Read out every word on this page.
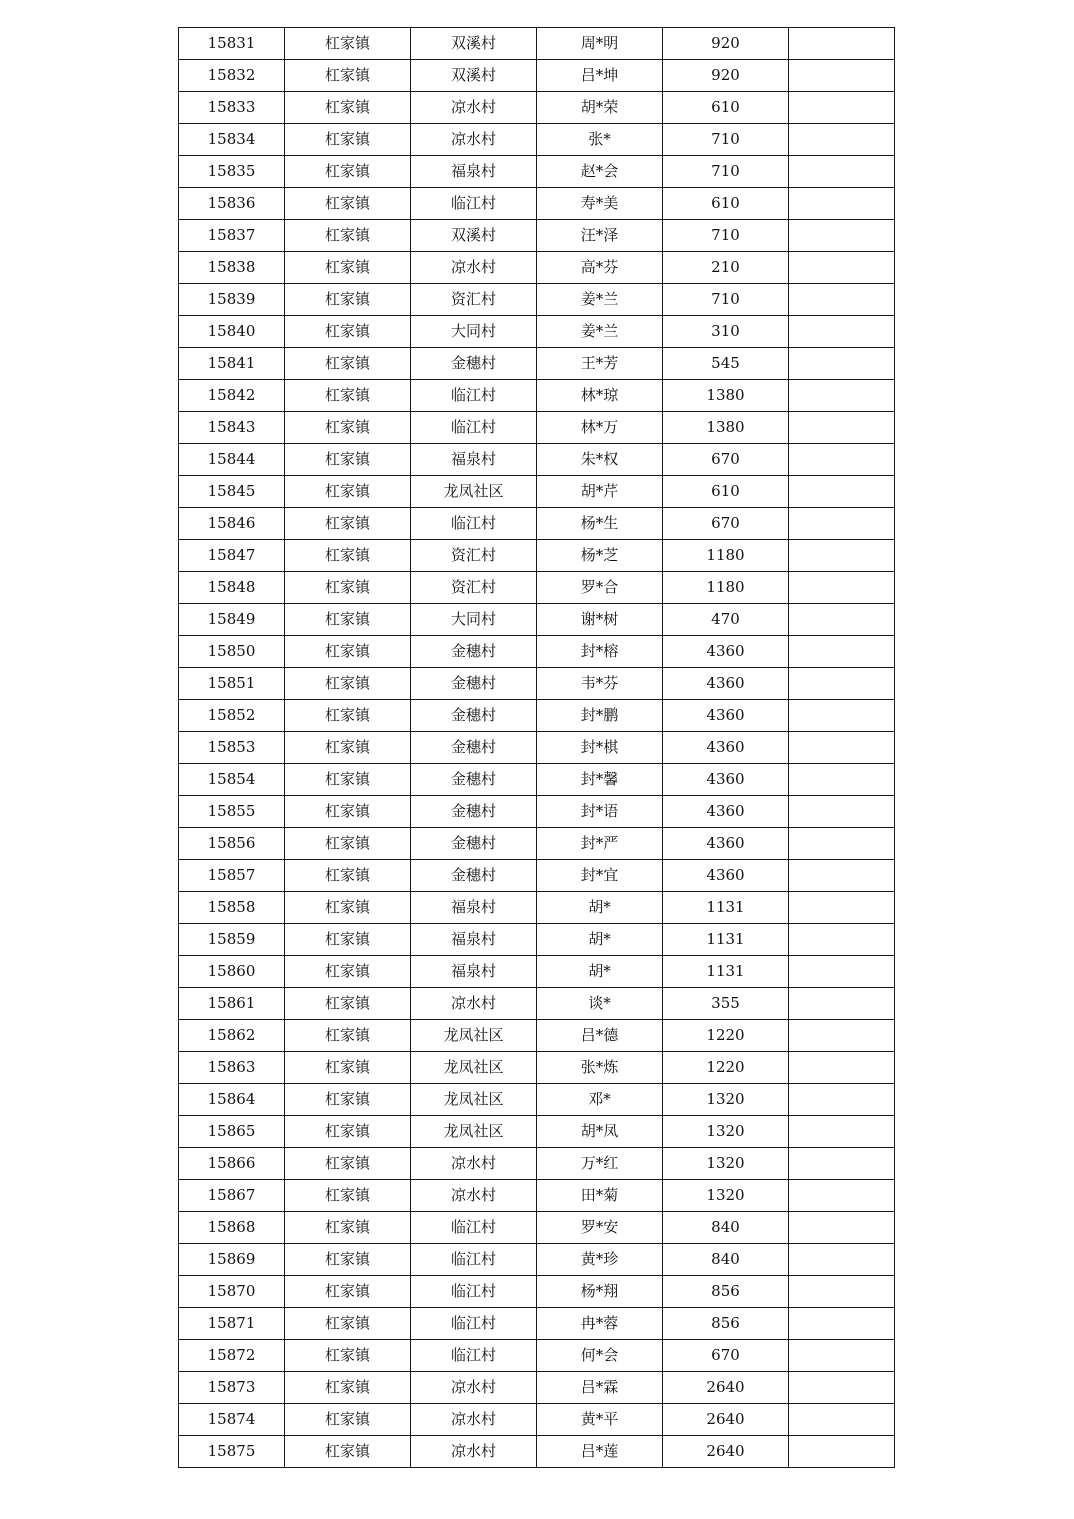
15831	杠家镇	双溪村	周*明	920	
15832	杠家镇	双溪村	吕*坤	920	
15833	杠家镇	凉水村	胡*荣	610	
15834	杠家镇	凉水村	张*	710	
15835	杠家镇	福泉村	赵*会	710	
15836	杠家镇	临江村	寿*美	610	
15837	杠家镇	双溪村	汪*泽	710	
15838	杠家镇	凉水村	高*芬	210	
15839	杠家镇	资汇村	姜*兰	710	
15840	杠家镇	大同村	姜*兰	310	
15841	杠家镇	金穗村	王*芳	545	
15842	杠家镇	临江村	林*琼	1380	
15843	杠家镇	临江村	林*万	1380	
15844	杠家镇	福泉村	朱*权	670	
15845	杠家镇	龙凤社区	胡*芹	610	
15846	杠家镇	临江村	杨*生	670	
15847	杠家镇	资汇村	杨*芝	1180	
15848	杠家镇	资汇村	罗*合	1180	
15849	杠家镇	大同村	谢*树	470	
15850	杠家镇	金穗村	封*榕	4360	
15851	杠家镇	金穗村	韦*芬	4360	
15852	杠家镇	金穗村	封*鹏	4360	
15853	杠家镇	金穗村	封*棋	4360	
15854	杠家镇	金穗村	封*馨	4360	
15855	杠家镇	金穗村	封*语	4360	
15856	杠家镇	金穗村	封*严	4360	
15857	杠家镇	金穗村	封*宜	4360	
15858	杠家镇	福泉村	胡*	1131	
15859	杠家镇	福泉村	胡*	1131	
15860	杠家镇	福泉村	胡*	1131	
15861	杠家镇	凉水村	谈*	355	
15862	杠家镇	龙凤社区	吕*德	1220	
15863	杠家镇	龙凤社区	张*炼	1220	
15864	杠家镇	龙凤社区	邓*	1320	
15865	杠家镇	龙凤社区	胡*凤	1320	
15866	杠家镇	凉水村	万*红	1320	
15867	杠家镇	凉水村	田*菊	1320	
15868	杠家镇	临江村	罗*安	840	
15869	杠家镇	临江村	黄*珍	840	
15870	杠家镇	临江村	杨*翔	856	
15871	杠家镇	临江村	冉*蓉	856	
15872	杠家镇	临江村	何*会	670	
15873	杠家镇	凉水村	吕*霖	2640	
15874	杠家镇	凉水村	黄*平	2640	
15875	杠家镇	凉水村	吕*莲	2640	
